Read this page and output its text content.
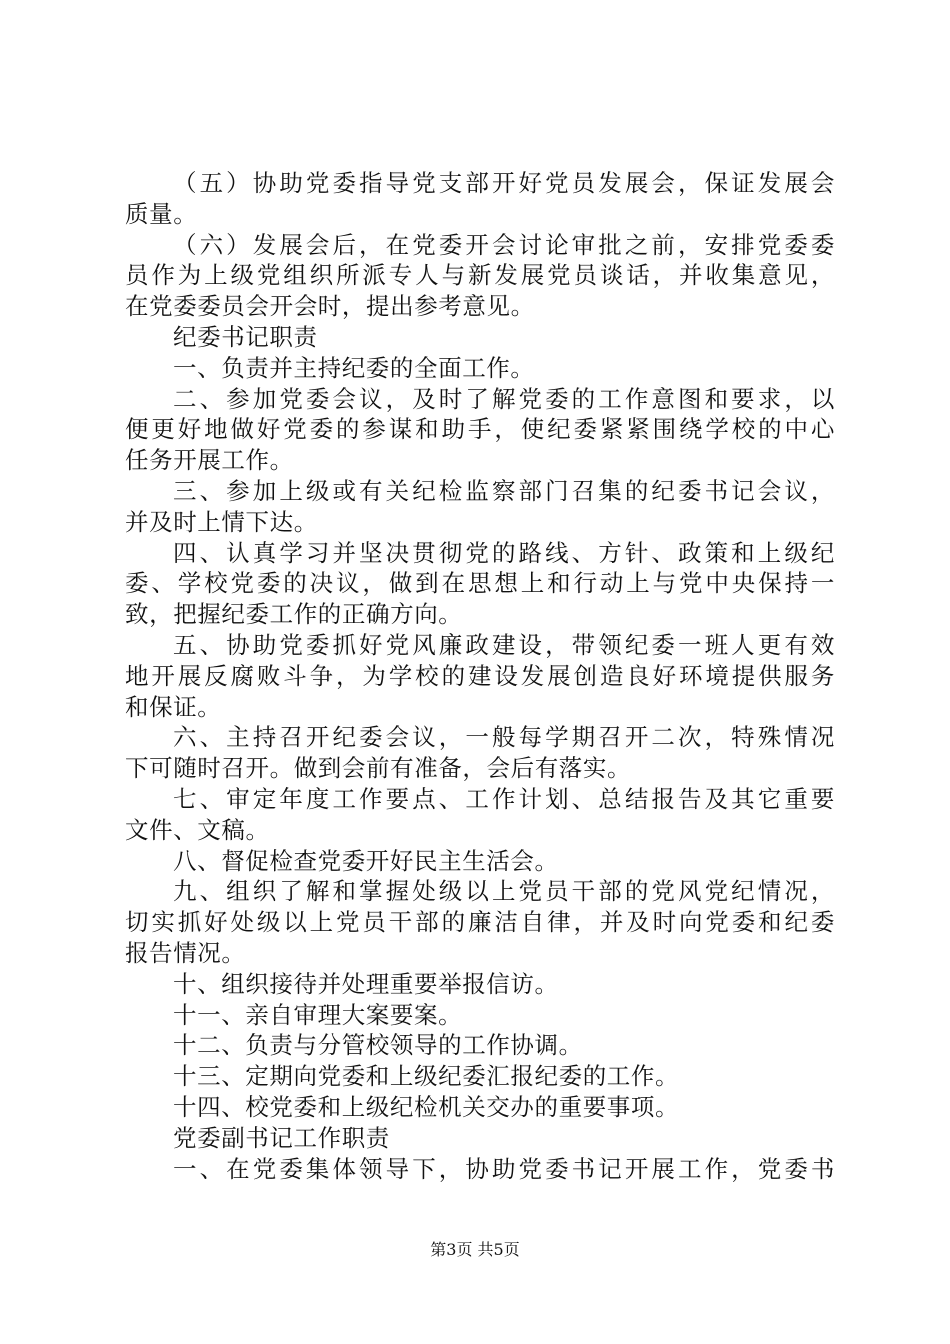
（五）协助党委指导党支部开好党员发展会，保证发展会
质量。
（六）发展会后，在党委开会讨论审批之前，安排党委委
员作为上级党组织所派专人与新发展党员谈话，并收集意见，
在党委委员会开会时，提出参考意见。
纪委书记职责
一、负责并主持纪委的全面工作。
二、参加党委会议，及时了解党委的工作意图和要求，以
便更好地做好党委的参谋和助手，使纪委紧紧围绕学校的中心
任务开展工作。
三、参加上级或有关纪检监察部门召集的纪委书记会议，
并及时上情下达。
四、认真学习并坚决贯彻党的路线、方针、政策和上级纪
委、学校党委的决议，做到在思想上和行动上与党中央保持一
致，把握纪委工作的正确方向。
五、协助党委抓好党风廉政建设，带领纪委一班人更有效
地开展反腐败斗争，为学校的建设发展创造良好环境提供服务
和保证。
六、主持召开纪委会议，一般每学期召开二次，特殊情况
下可随时召开。做到会前有准备，会后有落实。
七、审定年度工作要点、工作计划、总结报告及其它重要
文件、文稿。
八、督促检查党委开好民主生活会。
九、组织了解和掌握处级以上党员干部的党风党纪情况，
切实抓好处级以上党员干部的廉洁自律，并及时向党委和纪委
报告情况。
十、组织接待并处理重要举报信访。
十一、亲自审理大案要案。
十二、负责与分管校领导的工作协调。
十三、定期向党委和上级纪委汇报纪委的工作。
十四、校党委和上级纪检机关交办的重要事项。
党委副书记工作职责
一、在党委集体领导下，协助党委书记开展工作，党委书
第3页 共5页
